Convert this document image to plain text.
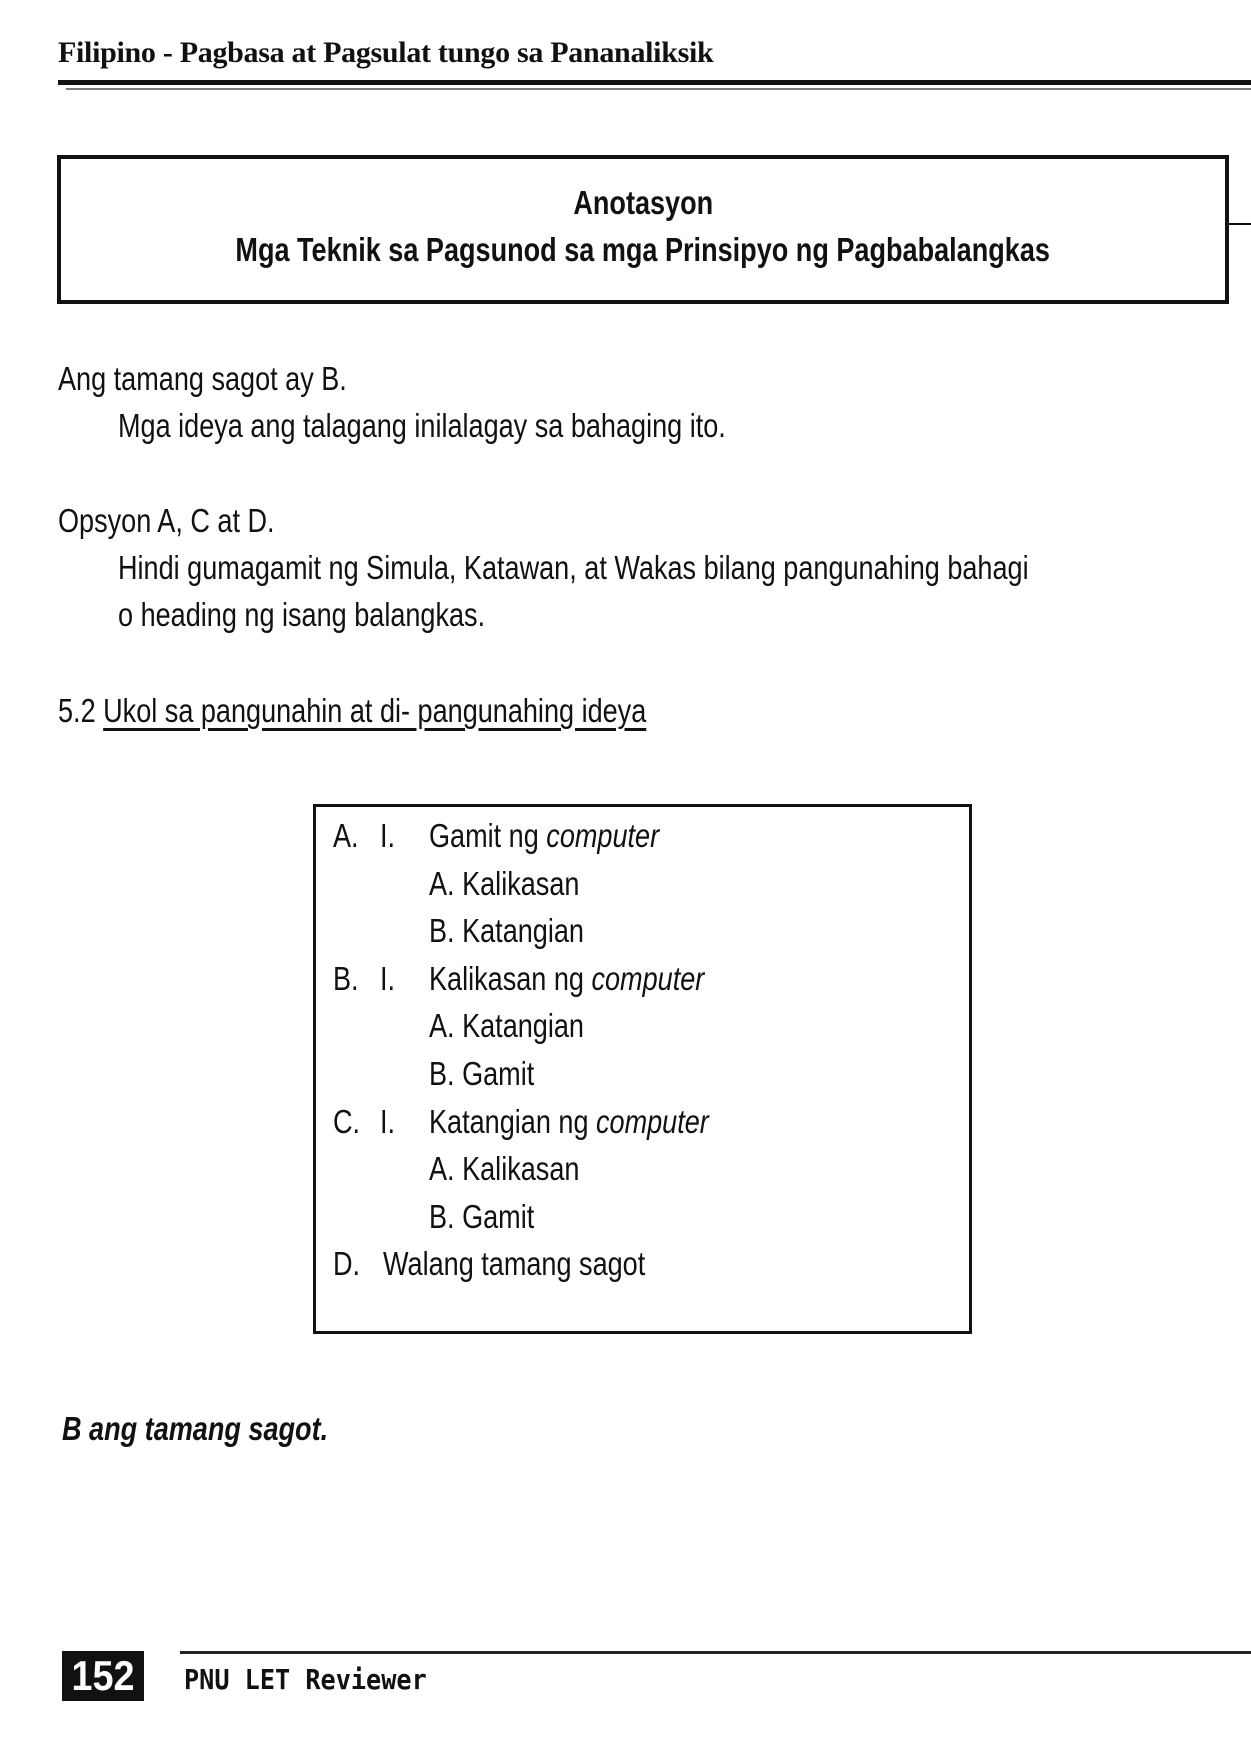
Filipino - Pagbasa at Pagsulat tungo sa Pananaliksik
Anotasyon
Mga Teknik sa Pagsunod sa mga Prinsipyo ng Pagbabalangkas
Ang tamang sagot ay B.
Mga ideya ang talagang inilalagay sa bahaging ito.
Opsyon A, C at D.
Hindi gumagamit ng Simula, Katawan, at Wakas bilang pangunahing bahagi
o heading ng isang balangkas.
5.2 Ukol sa pangunahin at di- pangunahing ideya
A. I. Gamit ng computer
A. Kalikasan
B. Katangian
B. I. Kalikasan ng computer
A. Katangian
B. Gamit
C. I. Katangian ng computer
A. Kalikasan
B. Gamit
D. Walang tamang sagot
B ang tamang sagot.
152	PNU LET Reviewer
